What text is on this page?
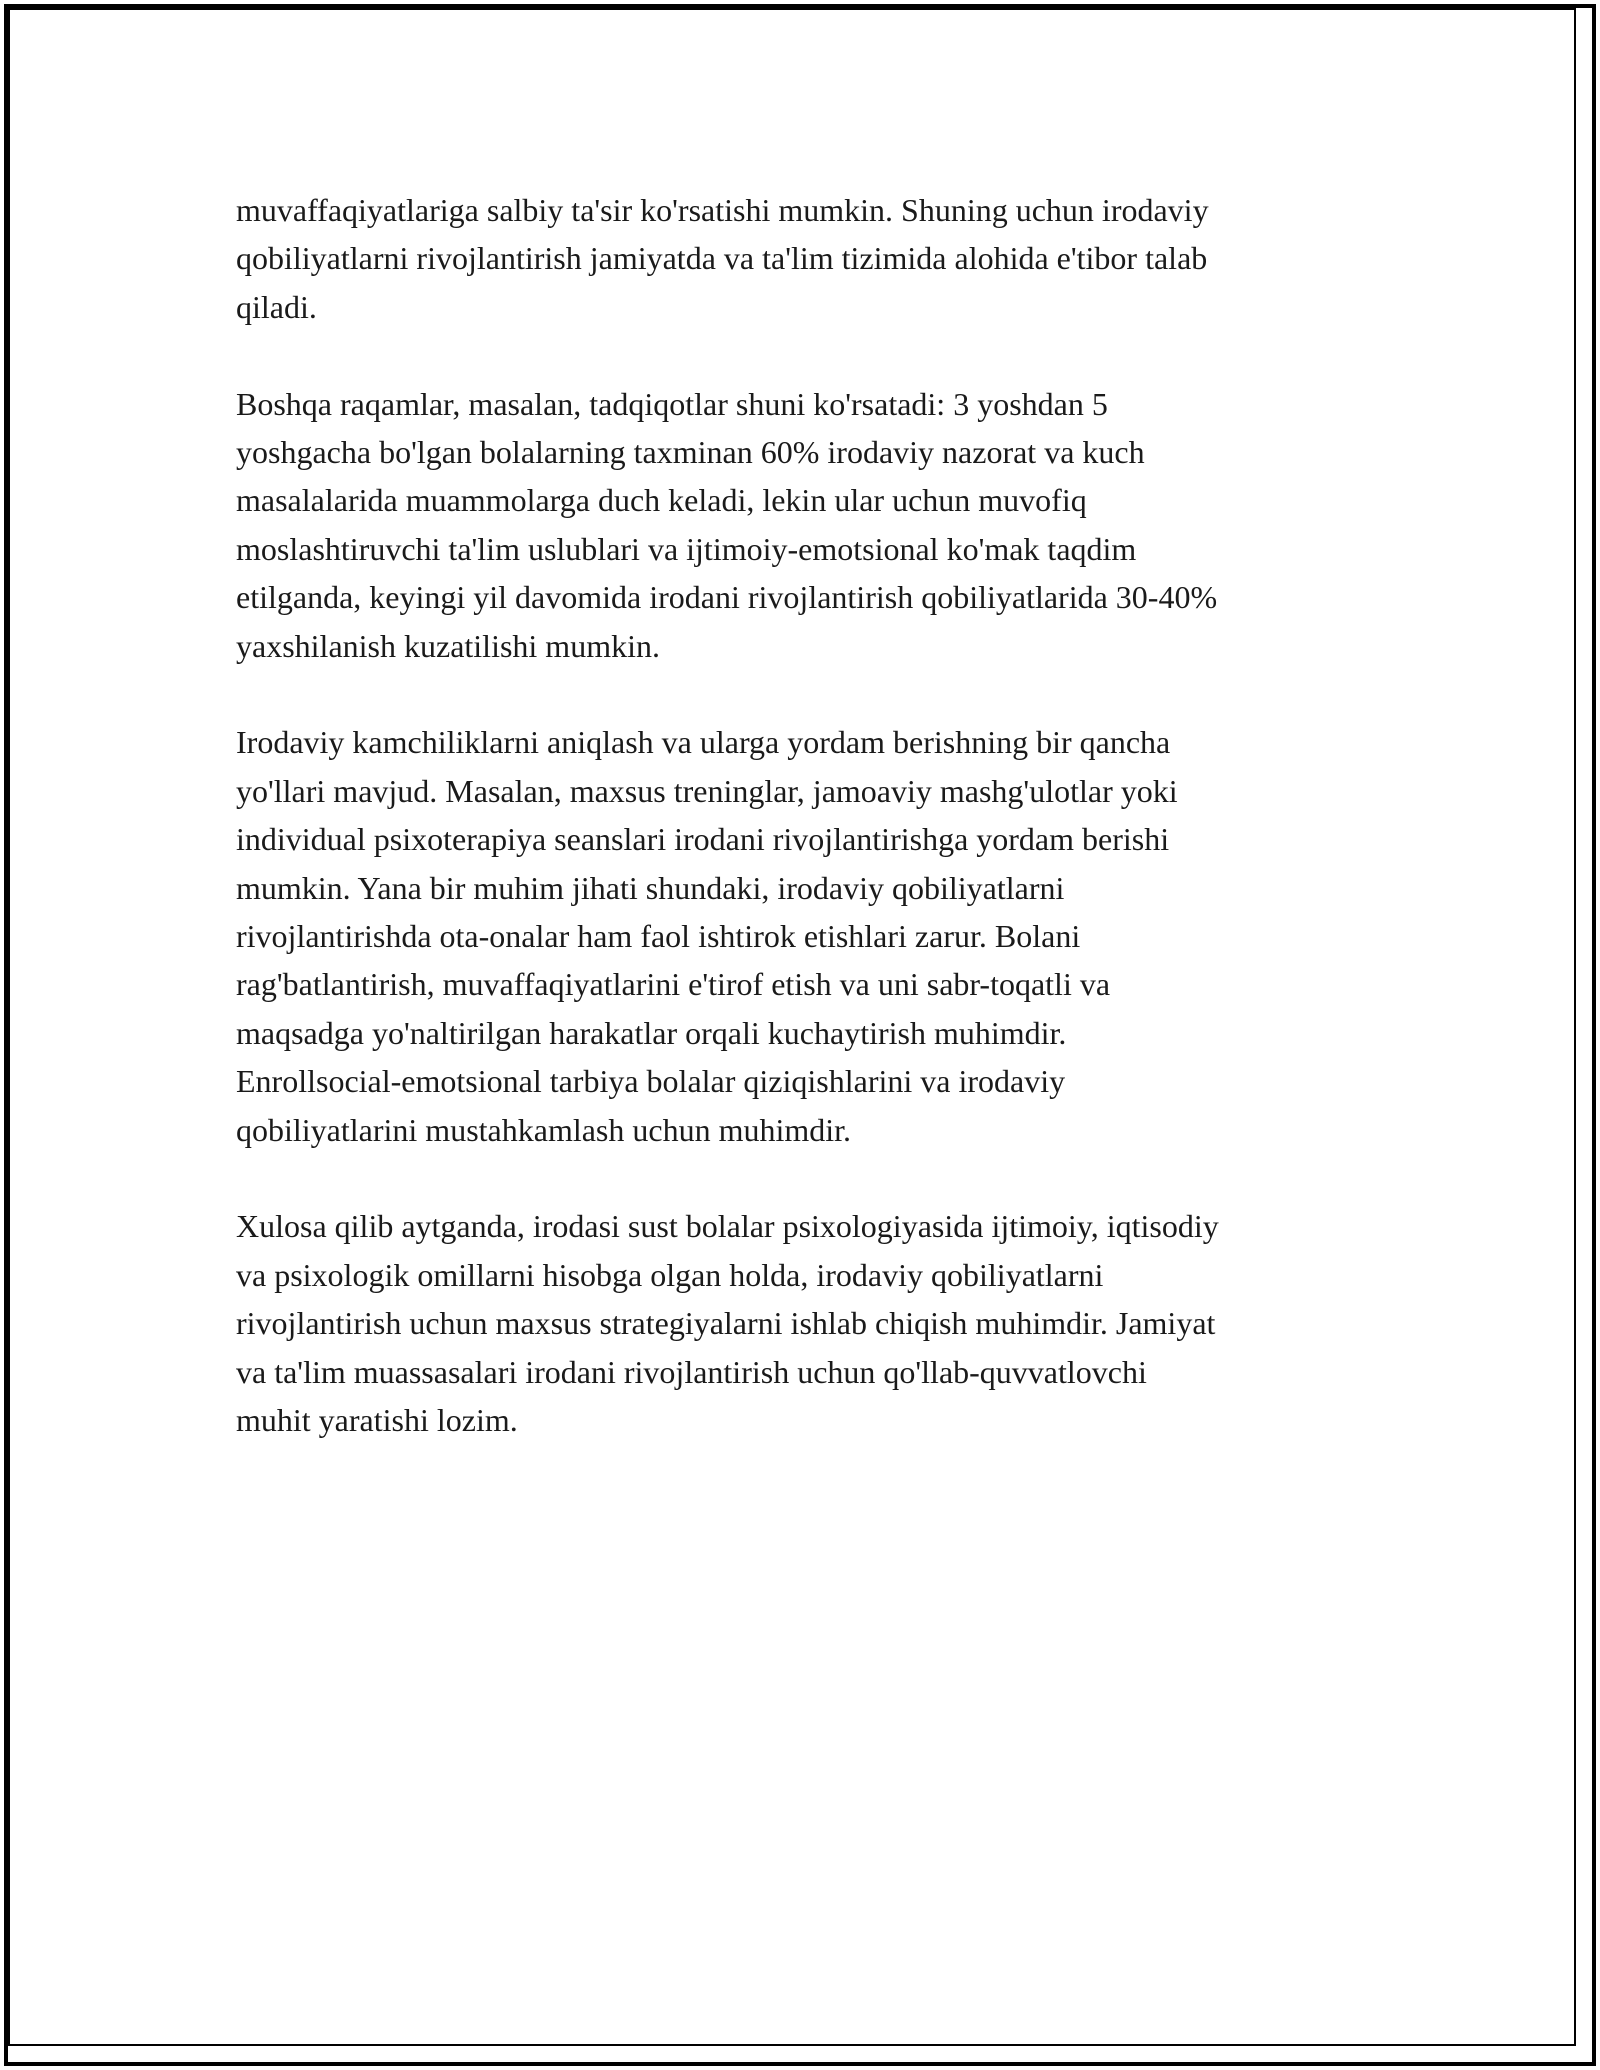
muvaffaqiyatlariga salbiy ta'sir ko'rsatishi mumkin. Shuning uchun irodaviy
qobiliyatlarni rivojlantirish jamiyatda va ta'lim tizimida alohida e'tibor talab
qiladi.

Boshqa raqamlar, masalan, tadqiqotlar shuni ko'rsatadi: 3 yoshdan 5
yoshgacha bo'lgan bolalarning taxminan 60% irodaviy nazorat va kuch
masalalarida muammolarga duch keladi, lekin ular uchun muvofiq
moslashtiruvchi ta'lim uslublari va ijtimoiy-emotsional ko'mak taqdim
etilganda, keyingi yil davomida irodani rivojlantirish qobiliyatlarida 30-40%
yaxshilanish kuzatilishi mumkin.

Irodaviy kamchiliklarni aniqlash va ularga yordam berishning bir qancha
yo'llari mavjud. Masalan, maxsus treninglar, jamoaviy mashg'ulotlar yoki
individual psixoterapiya seanslari irodani rivojlantirishga yordam berishi
mumkin. Yana bir muhim jihati shundaki, irodaviy qobiliyatlarni
rivojlantirishda ota-onalar ham faol ishtirok etishlari zarur. Bolani
rag'batlantirish, muvaffaqiyatlarini e'tirof etish va uni sabr-toqatli va
maqsadga yo'naltirilgan harakatlar orqali kuchaytirish muhimdir.
Enrollsocial-emotsional tarbiya bolalar qiziqishlarini va irodaviy
qobiliyatlarini mustahkamlash uchun muhimdir.

Xulosa qilib aytganda, irodasi sust bolalar psixologiyasida ijtimoiy, iqtisodiy
va psixologik omillarni hisobga olgan holda, irodaviy qobiliyatlarni
rivojlantirish uchun maxsus strategiyalarni ishlab chiqish muhimdir. Jamiyat
va ta'lim muassasalari irodani rivojlantirish uchun qo'llab-quvvatlovchi
muhit yaratishi lozim.
